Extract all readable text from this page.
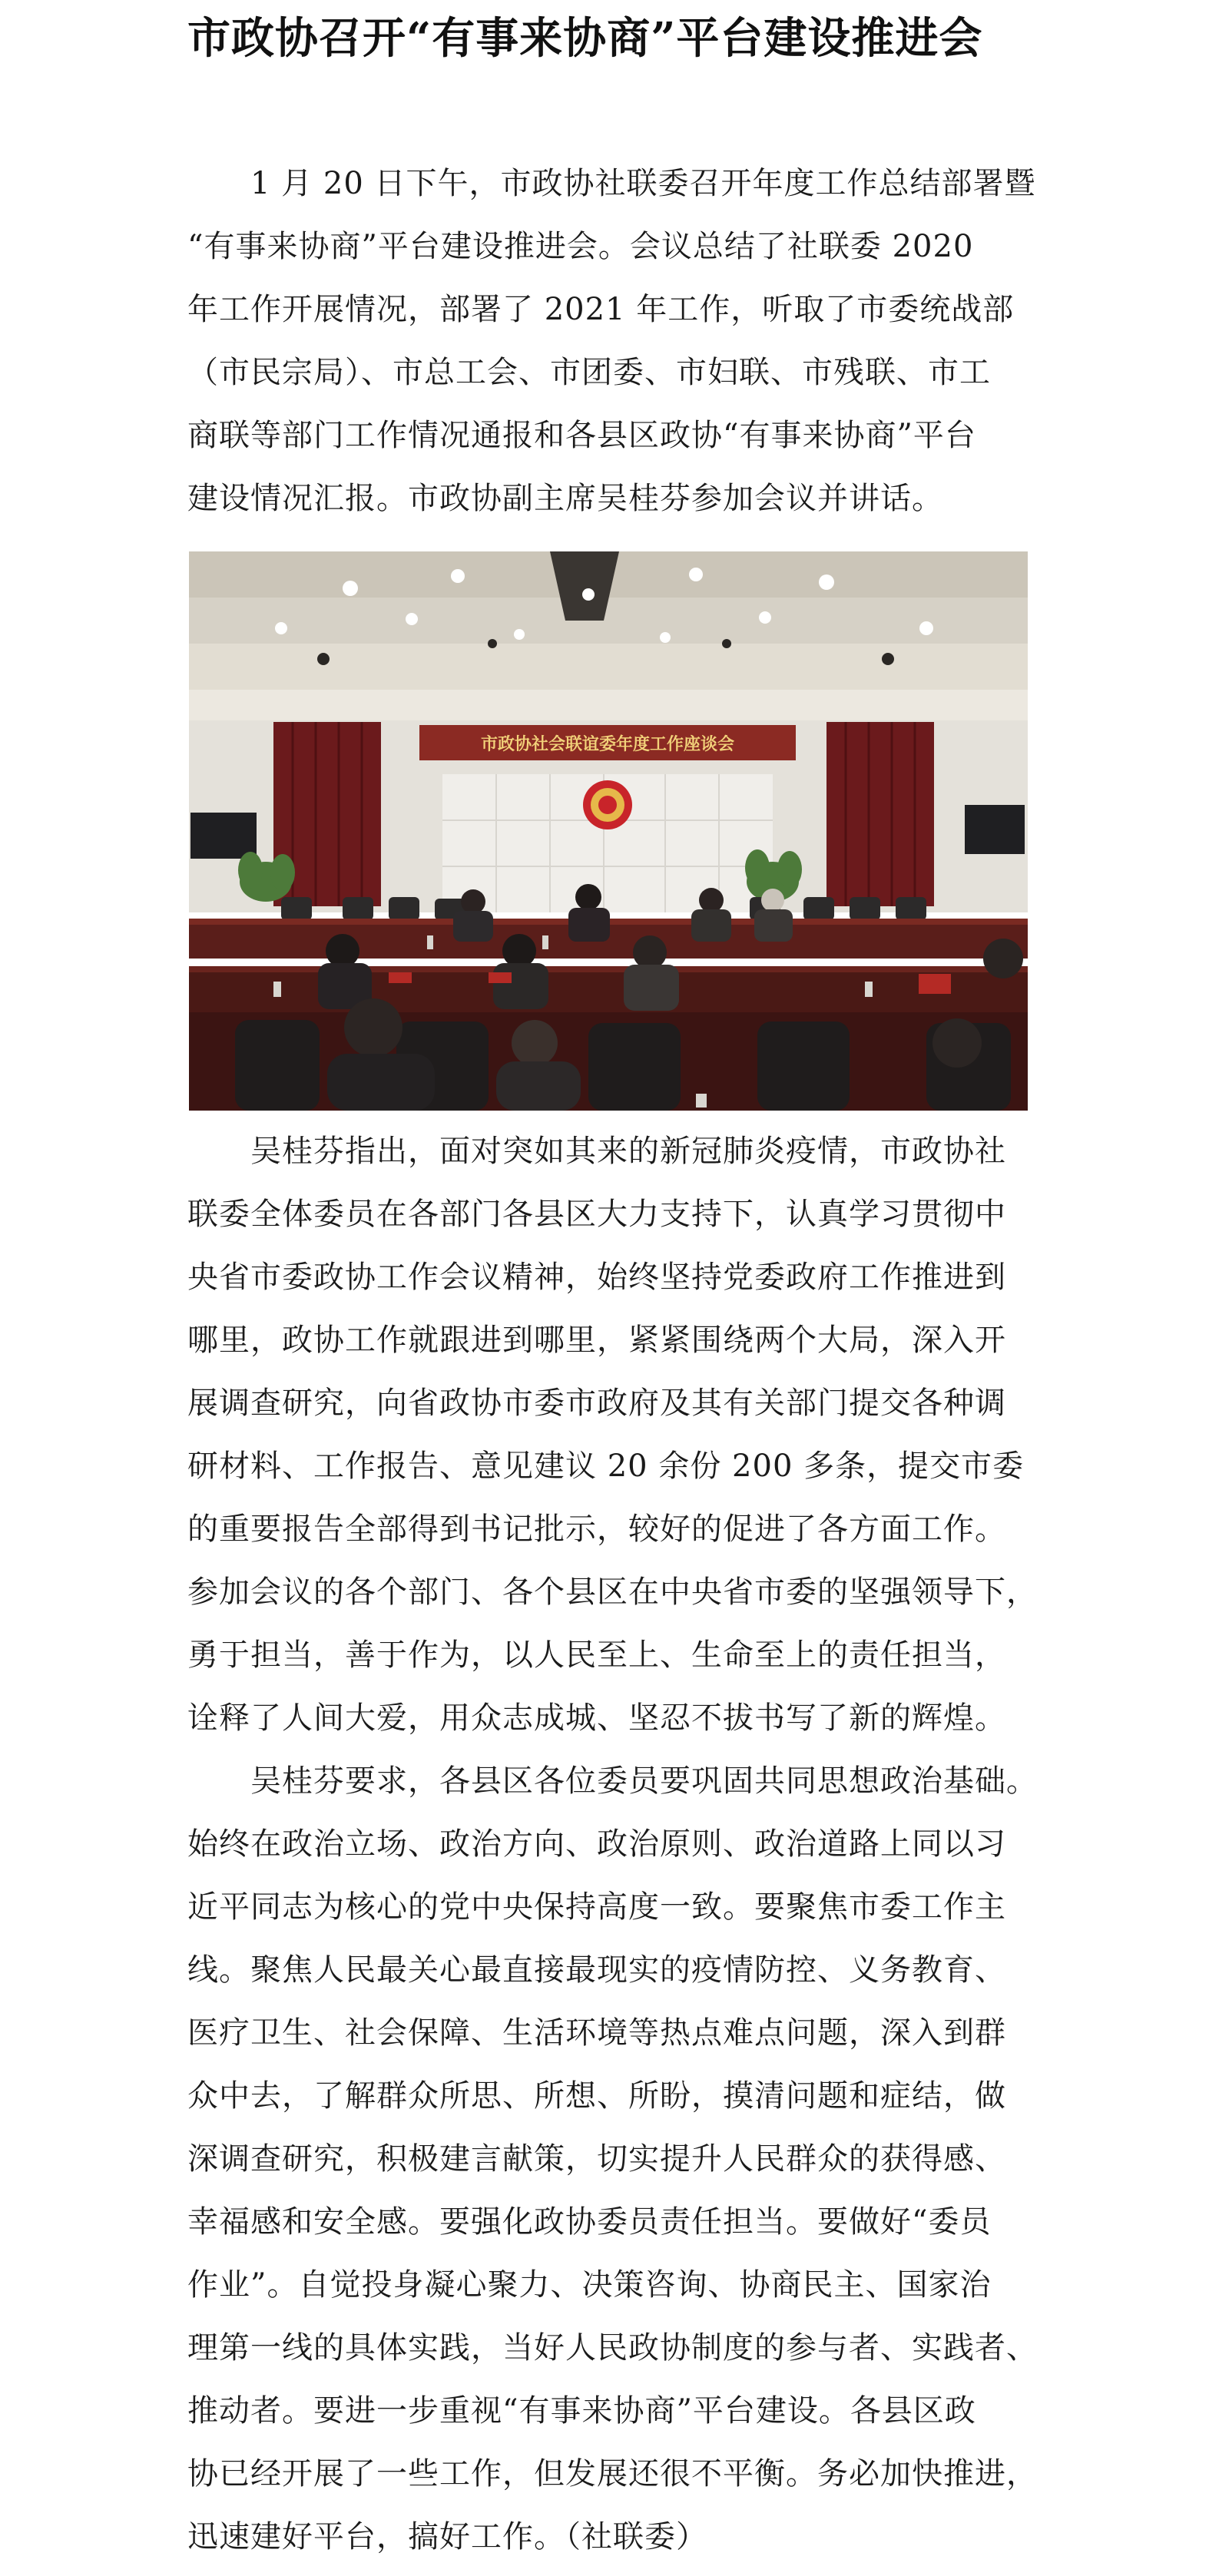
市政协召开“有事来协商”平台建设推进会
1 月 20 日下午，市政协社联委召开年度工作总结部署暨
“有事来协商”平台建设推进会。会议总结了社联委 2020
年工作开展情况，部署了 2021 年工作，听取了市委统战部
（市民宗局）、市总工会、市团委、市妇联、市残联、市工
商联等部门工作情况通报和各县区政协“有事来协商”平台
建设情况汇报。市政协副主席吴桂芬参加会议并讲话。
市政协社会联谊委年度工作座谈会
吴桂芬指出，面对突如其来的新冠肺炎疫情，市政协社
联委全体委员在各部门各县区大力支持下，认真学习贯彻中
央省市委政协工作会议精神，始终坚持党委政府工作推进到
哪里，政协工作就跟进到哪里，紧紧围绕两个大局，深入开
展调查研究，向省政协市委市政府及其有关部门提交各种调
研材料、工作报告、意见建议 20 余份 200 多条，提交市委
的重要报告全部得到书记批示，较好的促进了各方面工作。
参加会议的各个部门、各个县区在中央省市委的坚强领导下，
勇于担当，善于作为，以人民至上、生命至上的责任担当，
诠释了人间大爱，用众志成城、坚忍不拔书写了新的辉煌。
吴桂芬要求，各县区各位委员要巩固共同思想政治基础。
始终在政治立场、政治方向、政治原则、政治道路上同以习
近平同志为核心的党中央保持高度一致。要聚焦市委工作主
线。聚焦人民最关心最直接最现实的疫情防控、义务教育、
医疗卫生、社会保障、生活环境等热点难点问题，深入到群
众中去，了解群众所思、所想、所盼，摸清问题和症结，做
深调查研究，积极建言献策，切实提升人民群众的获得感、
幸福感和安全感。要强化政协委员责任担当。要做好“委员
作业”。自觉投身凝心聚力、决策咨询、协商民主、国家治
理第一线的具体实践，当好人民政协制度的参与者、实践者、
推动者。要进一步重视“有事来协商”平台建设。各县区政
协已经开展了一些工作，但发展还很不平衡。务必加快推进，
迅速建好平台，搞好工作。（社联委）
